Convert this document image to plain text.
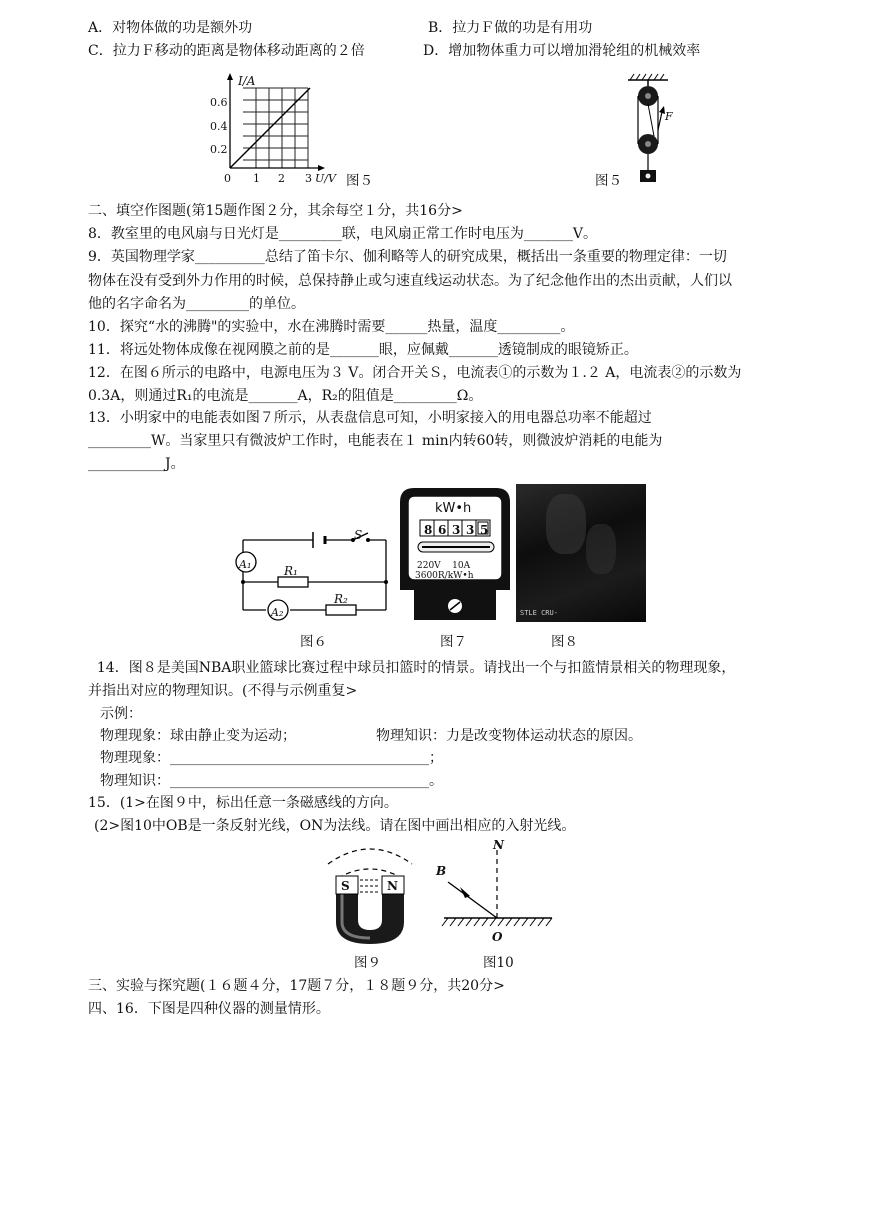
A．对物体做的功是额外功	B．拉力Ｆ做的功是有用功
C．拉力Ｆ移动的距离是物体移动距离的２倍	D．增加物体重力可以增加滑轮组的机械效率
I/A
0.6
0.4
0.2
0 1 2 3 U/V 图５
F
图５
二、填空作图题(第15题作图２分，其余每空１分，共16分>
8．教室里的电风扇与日光灯是_________联，电风扇正常工作时电压为_______V。
9．英国物理学家__________总结了笛卡尔、伽利略等人的研究成果，概括出一条重要的物理定律：一切
物体在没有受到外力作用的时候，总保持静止或匀速直线运动状态。为了纪念他作出的杰出贡献，人们以
他的名字命名为_________的单位。
10．探究“水的沸腾"的实验中，水在沸腾时需要______热量，温度_________。
11．将远处物体成像在视网膜之前的是_______眼，应佩戴_______透镜制成的眼镜矫正。
12．在图６所示的电路中，电源电压为３ V。闭合开关Ｓ，电流表①的示数为１.２ A，电流表②的示数为
0.3A，则通过R₁的电流是_______A，R₂的阻值是_________Ω。
13．小明家中的电能表如图７所示，从表盘信息可知，小明家接入的用电器总功率不能超过
_________W。当家里只有微波炉工作时，电能表在１ min内转60转，则微波炉消耗的电能为
___________J。
S
A₁
A₂
R₁
R₂
图６
kW•h
8 6 3 3 5
220V    10A
3600R/kW•h
图７
STLE CRU-
图８
14．图８是美国NBA职业篮球比赛过程中球员扣篮时的情景。请找出一个与扣篮情景相关的物理现象，
并指出对应的物理知识。(不得与示例重复>
示例：
物理现象：球由静止变为运动；	物理知识：力是改变物体运动状态的原因。
物理现象：_____________________________________；
物理知识：_____________________________________。
15．(1>在图９中，标出任意一条磁感线的方向。
(2>图10中OB是一条反射光线，ON为法线。请在图中画出相应的入射光线。
S	N
图９
N
B
O
图10
三、实验与探究题(１６题４分，17题７分，１８题９分，共20分>
四、16．下图是四种仪器的测量情形。
